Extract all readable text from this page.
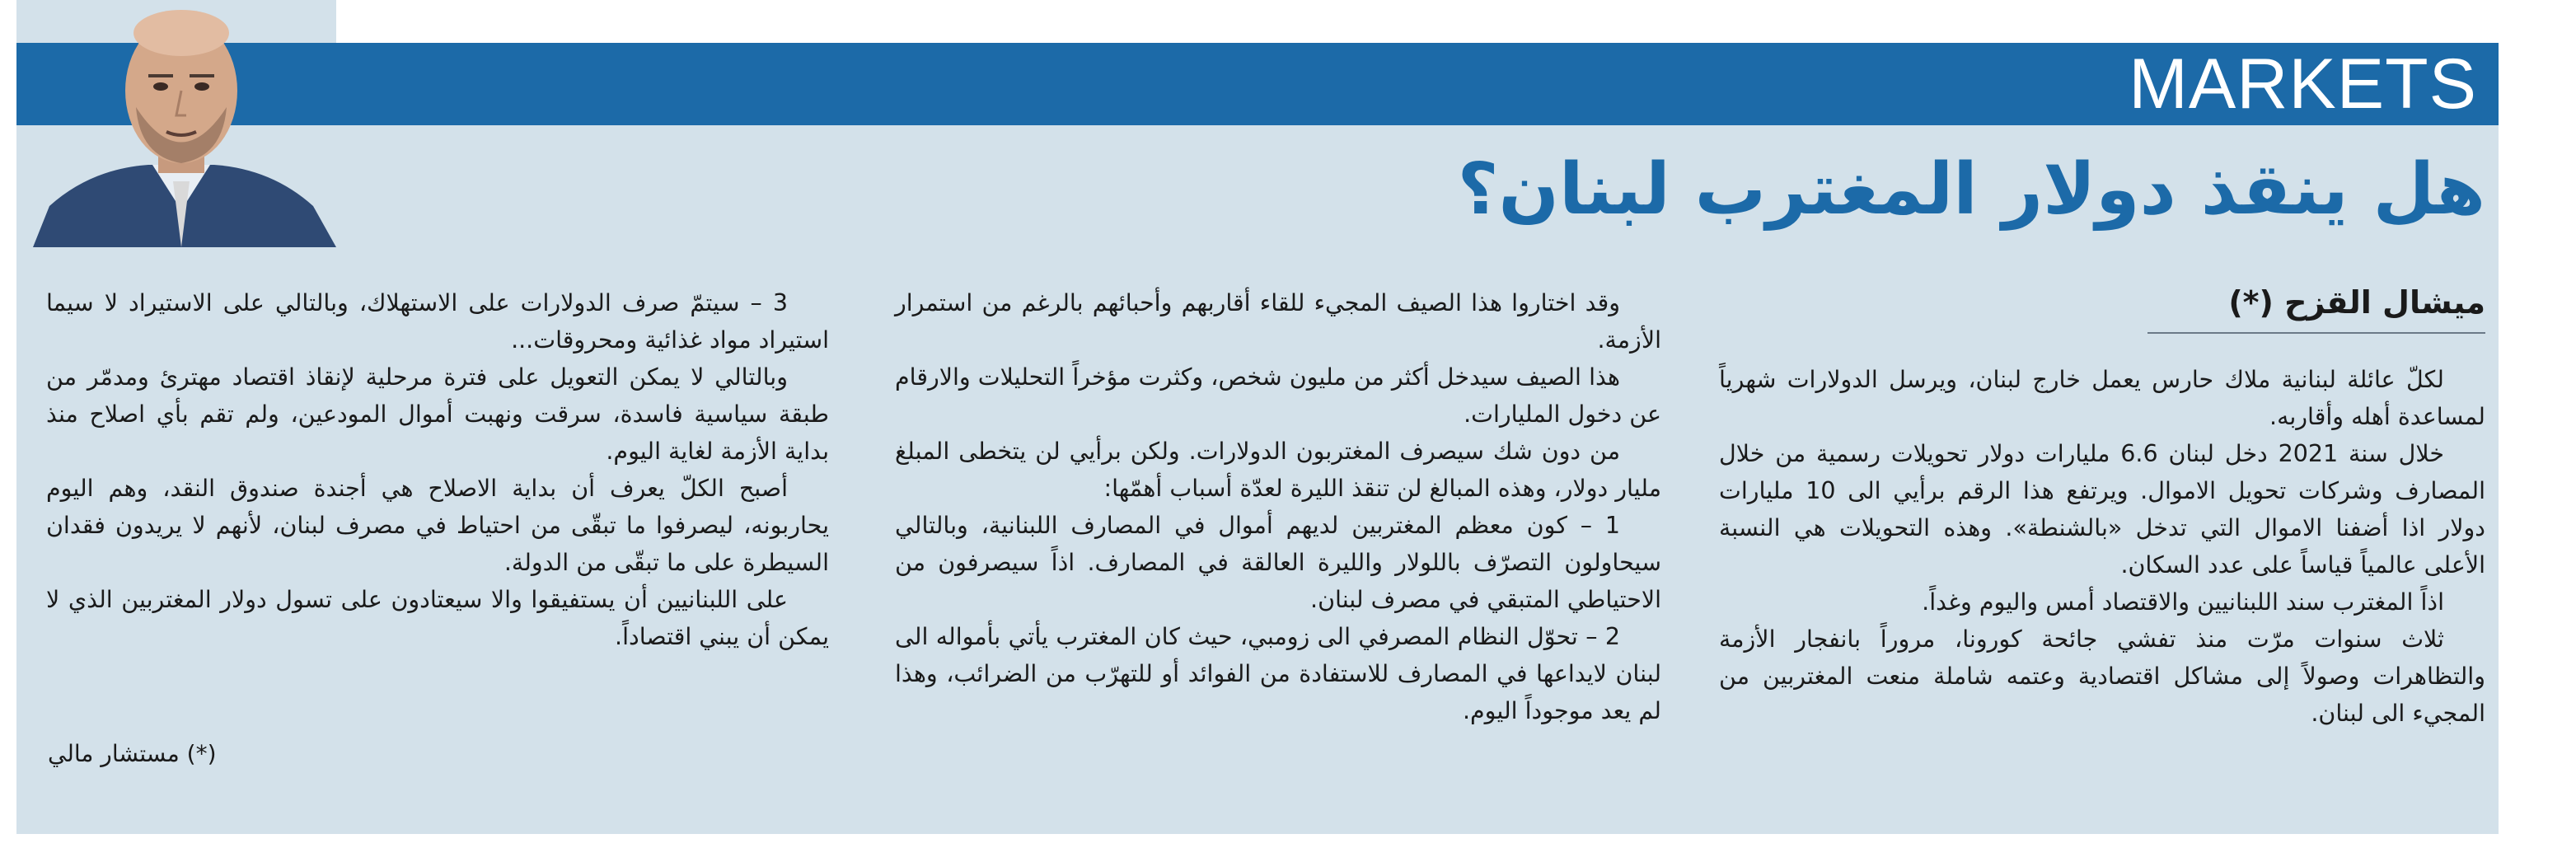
MARKETS
هل ينقذ دولار المغترب لبنان؟
ميشال القزح (*)

لكلّ عائلة لبنانية ملاك حارس يعمل خارج لبنان، ويرسل الدولارات شهرياً لمساعدة أهله وأقاربه.

خلال سنة 2021 دخل لبنان 6.6 مليارات دولار تحويلات رسمية من خلال المصارف وشركات تحويل الاموال. ويرتفع هذا الرقم برأيي الى 10 مليارات دولار اذا أضفنا الاموال التي تدخل «بالشنطة». وهذه التحويلات هي النسبة الأعلى عالمياً قياساً على عدد السكان.

اذاً المغترب سند اللبنانيين والاقتصاد أمس واليوم وغداً.

ثلاث سنوات مرّت منذ تفشي جائحة كورونا، مروراً بانفجار الأزمة والتظاهرات وصولاً إلى مشاكل اقتصادية وعتمه شاملة منعت المغتربين من المجيء الى لبنان.

وقد اختاروا هذا الصيف المجيء للقاء أقاربهم وأحبائهم بالرغم من استمرار الأزمة.

هذا الصيف سيدخل أكثر من مليون شخص، وكثرت مؤخراً التحليلات والارقام عن دخول المليارات.

من دون شك سيصرف المغتربون الدولارات. ولكن برأيي لن يتخطى المبلغ مليار دولار، وهذه المبالغ لن تنقذ الليرة لعدّة أسباب أهمّها:

1 – كون معظم المغتربين لديهم أموال في المصارف اللبنانية، وبالتالي سيحاولون التصرّف باللولار والليرة العالقة في المصارف. اذاً سيصرفون من الاحتياطي المتبقي في مصرف لبنان.

2 – تحوّل النظام المصرفي الى زومبي، حيث كان المغترب يأتي بأمواله الى لبنان لايداعها في المصارف للاستفادة من الفوائد أو للتهرّب من الضرائب، وهذا لم يعد موجوداً اليوم.

3 – سيتمّ صرف الدولارات على الاستهلاك، وبالتالي على الاستيراد لا سيما استيراد مواد غذائية ومحروقات...

وبالتالي لا يمكن التعويل على فترة مرحلية لإنقاذ اقتصاد مهترئ ومدمّر من طبقة سياسية فاسدة، سرقت ونهبت أموال المودعين، ولم تقم بأي اصلاح منذ بداية الأزمة لغاية اليوم.

أصبح الكلّ يعرف أن بداية الاصلاح هي أجندة صندوق النقد، وهم اليوم يحاربونه، ليصرفوا ما تبقّى من احتياط في مصرف لبنان، لأنهم لا يريدون فقدان السيطرة على ما تبقّى من الدولة.

على اللبنانيين أن يستفيقوا والا سيعتادون على تسول دولار المغتربين الذي لا يمكن أن يبني اقتصاداً.

(*) مستشار مالي
